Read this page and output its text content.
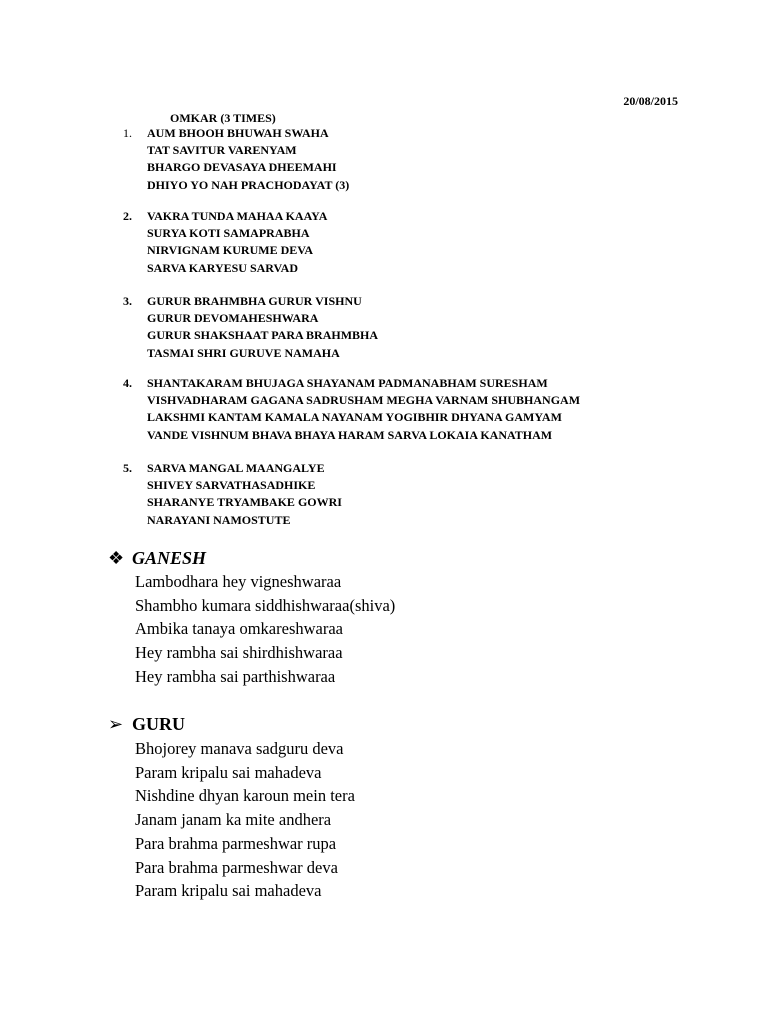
20/08/2015
OMKAR (3 TIMES)
1.	AUM BHOOH BHUWAH SWAHA
TAT SAVITUR VARENYAM
BHARGO DEVASAYA DHEEMAHI
DHIYO YO NAH PRACHODAYAT (3)
2.	VAKRA TUNDA MAHAA KAAYA
SURYA KOTI SAMAPRABHA
NIRVIGNAM KURUME DEVA
SARVA KARYESU SARVAD
3.	GURUR BRAHMBHA GURUR VISHNU
GURUR DEVOMAHESHWARA
GURUR SHAKSHAAT PARA BRAHMBHA
TASMAI SHRI GURUVE NAMAHA
4.	SHANTAKARAM BHUJAGA SHAYANAM PADMANABHAM SURESHAM
VISHVADHARAM GAGANA SADRUSHAM MEGHA VARNAM SHUBHANGAM
LAKSHMI KANTAM KAMALA NAYANAM YOGIBHIR DHYANA GAMYAM
VANDE VISHNUM BHAVA BHAYA HARAM SARVA LOKAIA KANATHAM
5.	SARVA MANGAL MAANGALYE
SHIVEY SARVATHASADHIKE
SHARANYE TRYAMBAKE GOWRI
NARAYANI NAMOSTUTE
❖ GANESH
Lambodhara hey vigneshwaraa
Shambho kumara siddhishwaraa(shiva)
Ambika tanaya omkareshwaraa
Hey rambha sai shirdhishwaraa
Hey rambha sai parthishwaraa
➢ GURU
Bhojorey manava sadguru deva
Param kripalu sai mahadeva
Nishdine dhyan karoun mein tera
Janam janam ka mite andhera
Para brahma parmeshwar rupa
Para brahma parmeshwar deva
Param kripalu sai mahadeva
